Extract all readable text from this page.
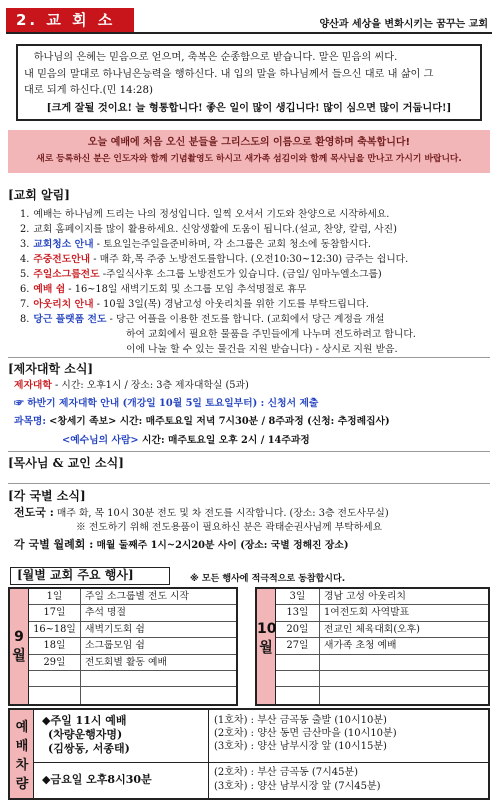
2. 교 회 소 식
양산과 세상을 변화시키는 꿈꾸는 교회
하나님의 은혜는 믿음으로 얻으며, 축복은 순종함으로 받습니다. 말은 믿음의 씨다.
내 믿음의 말대로 하나님은능력을 행하신다. 내 입의 말을 하나님께서 들으신 대로 내 삶이 그
대로 되게 하신다.(민 14:28)
[크게 잘될 것이요! 늘 형통합니다! 좋은 일이 많이 생깁니다! 많이 심으면 많이 거둡니다!]
오늘 예배에 처음 오신 분들을 그리스도의 이름으로 환영하며 축복합니다!
새로 등록하신 분은 인도자와 함께 기념촬영도 하시고 새가족 섬김이와 함께 목사님을 만나고 가시기 바랍니다.
[교회 알림]
1. 예배는 하나님께 드리는 나의 정성입니다. 일찍 오셔서 기도와 찬양으로 시작하세요.
2. 교회 홈페이지를 많이 활용하세요. 신앙생활에 도움이 됩니다.(설교, 찬양, 칼럼, 사진)
3. 교회청소 안내 - 토요일는주일을준비하며, 각 소그룹은 교회 청소에 동참합시다.
4. 주중전도안내 - 매주 화,목 주중 노방전도를합니다. (오전10:30~12:30) 금주는 쉽니다.
5. 주일소그룹전도 -주일식사후 소그룹 노방전도가 있습니다. (금일/ 임마누엘소그룹)
6. 예배 쉼 - 16~18일 새벽기도회 및 소그룹 모임 추석명절로 휴무
7. 아웃리치 안내 - 10월 3일(목) 경남고성 아웃리치를 위한 기도를 부탁드립니다.
8. 당근 플랫폼 전도 - 당근 어플을 이용한 전도를 합니다. (교회에서 당근 계정을 개설
하여 교회에서 필요한 물품을 주민들에게 나누며 전도하려고 합니다.
이에 나눌 할 수 있는 물건을 지원 받습니다) - 상시로 지원 받음.
[제자대학 소식]
제자대학 - 시간: 오후1시 / 장소: 3층 제자대학실 (5과)
☞ 하반기 제자대학 안내 (개강일 10월 5일 토요일부터) : 신청서 제출
과목명: <창세기 족보> 시간: 매주토요일 저녁 7시30분 / 8주과정 (신청: 추정례집사)
<예수님의 사람> 시간: 매주토요일 오후 2시 / 14주과정
[목사님 & 교인 소식]
[각 국별 소식]
전도국 : 매주 화, 목 10시 30분 전도 및 차 전도를 시작합니다. (장소: 3층 전도사무실)
※ 전도하기 위해 전도용품이 필요하신 분은 곽태순권사님께 부탁하세요
각 국별 월례회 : 매월 둘째주 1시~2시20분 사이 (장소: 국별 정해진 장소)
[월별 교회 주요 행사]	※ 모든 행사에 적극적으로 동참합시다.
9월
1일	주일 소그룹별 전도 시작
17일	추석 명절
16~18일 새벽기도회 쉼
18일	소그룹모임 쉼
29일	전도회별 활동 예배
10월
3일	경남 고성 아웃리치
13일	1여전도회 사역발표
20일	전교인 체육대회(오후)
27일	새가족 초청 예배
예배차량
◆주일 11시 예배
(차량운행자명)
(김쌍동, 서종태)
(1호차) : 부산 금곡동 출발 (10시10분)
(2호차) : 양산 동면 금산마을 (10시10분)
(3호차) : 양산 남부시장 앞 (10시15분)
◆금요일 오후8시30분
(2호차) : 부산 금곡동 (7시45분)
(3호차) : 양산 남부시장 앞 (7시45분)
